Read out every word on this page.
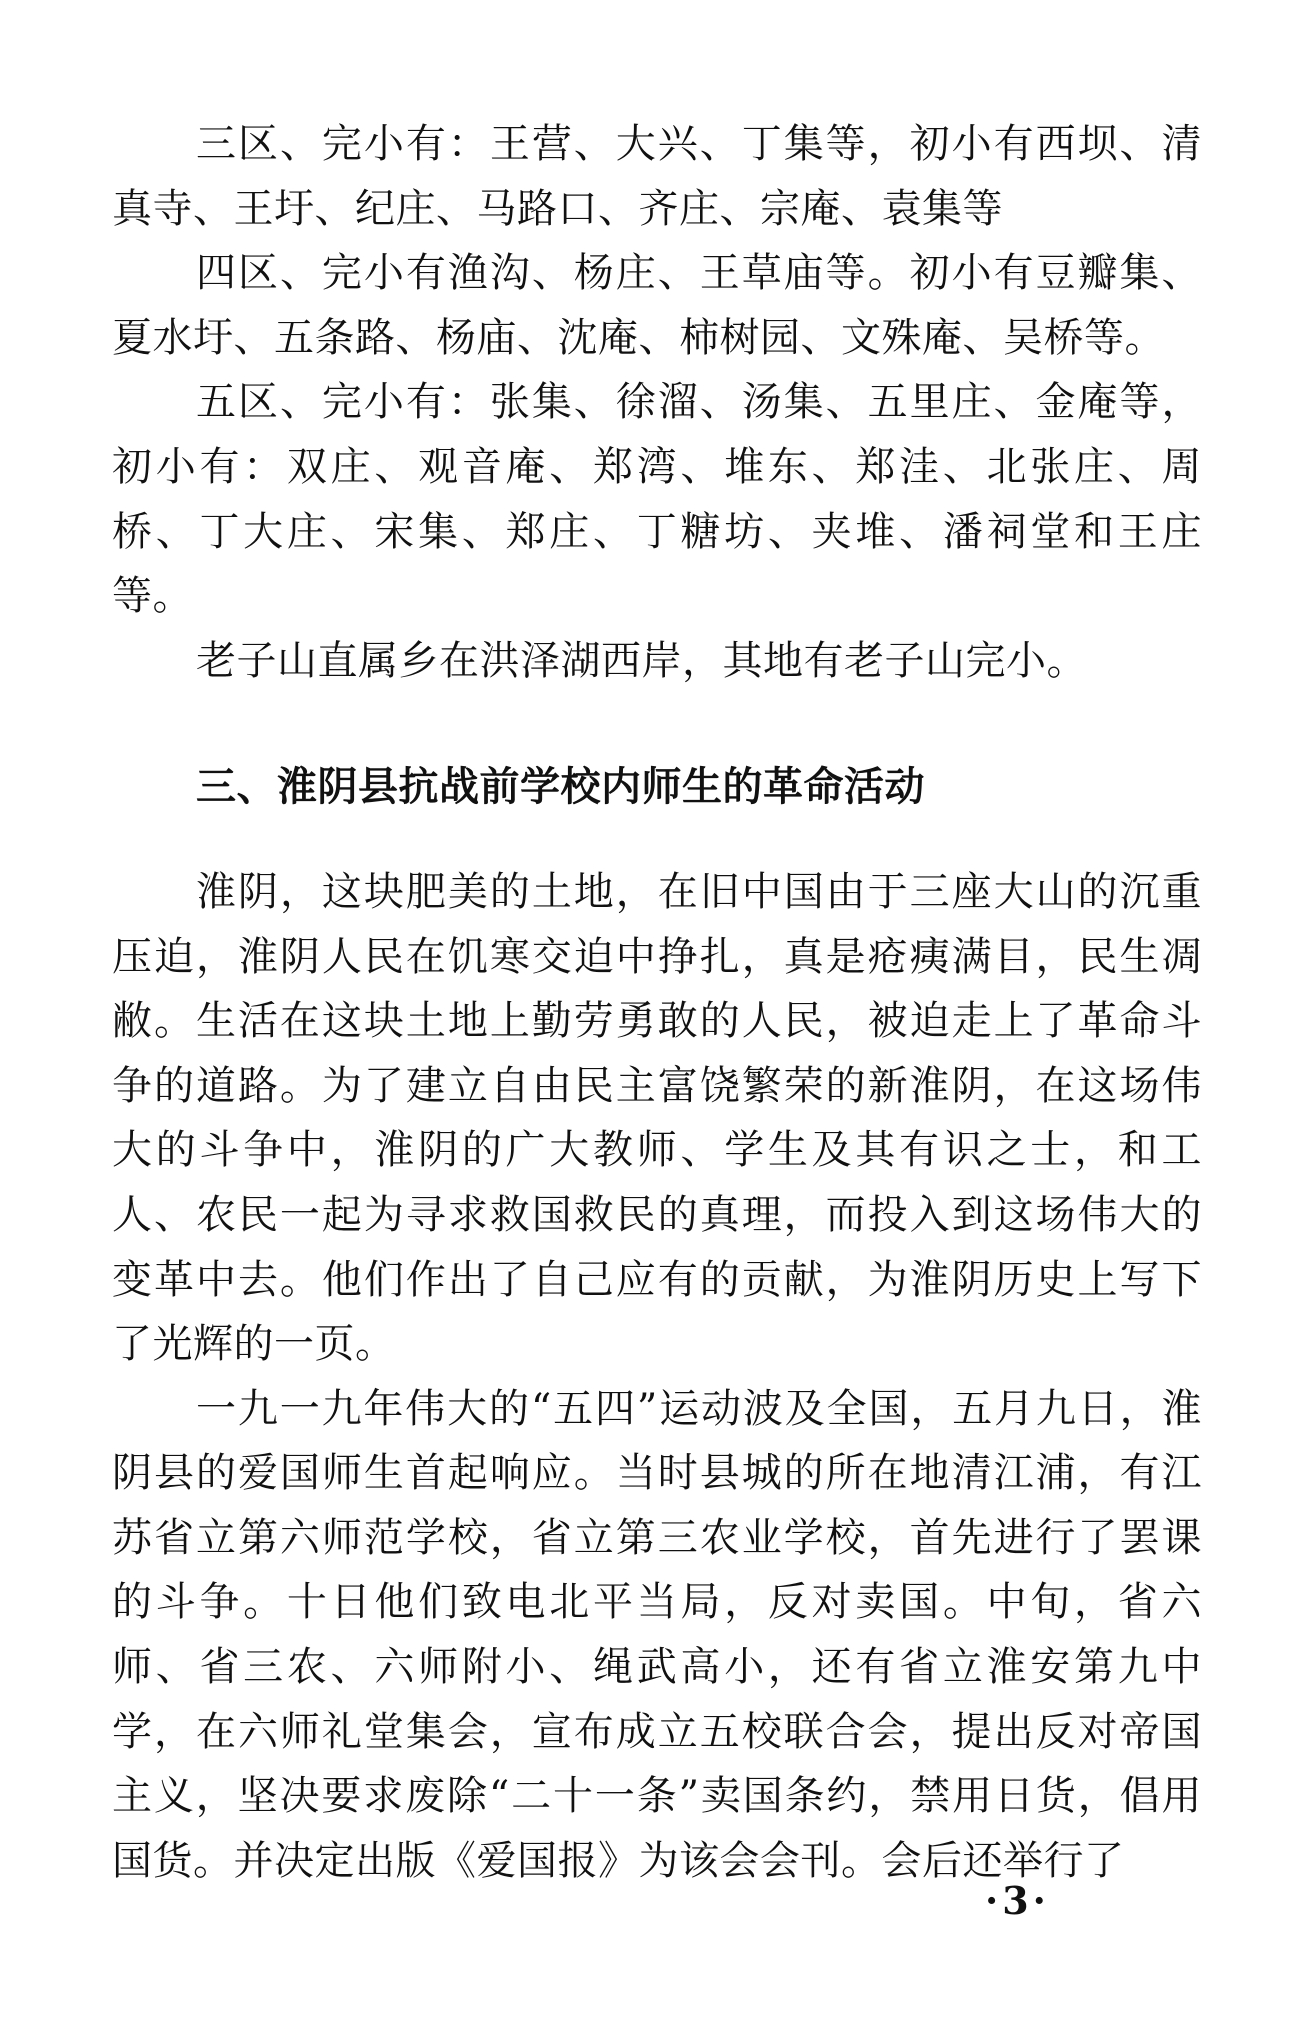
三区、完小有：王营、大兴、丁集等，初小有西坝、清真寺、王圩、纪庄、马路口、齐庄、宗庵、袁集等

四区、完小有渔沟、杨庄、王草庙等。初小有豆瓣集、夏水圩、五条路、杨庙、沈庵、柿树园、文殊庵、吴桥等。

五区、完小有：张集、徐溜、汤集、五里庄、金庵等，初小有：双庄、观音庵、郑湾、堆东、郑洼、北张庄、周桥、丁大庄、宋集、郑庄、丁糖坊、夹堆、潘祠堂和王庄等。

老子山直属乡在洪泽湖西岸，其地有老子山完小。

三、淮阴县抗战前学校内师生的革命活动

淮阴，这块肥美的土地，在旧中国由于三座大山的沉重压迫，淮阴人民在饥寒交迫中挣扎，真是疮痍满目，民生凋敝。生活在这块土地上勤劳勇敢的人民，被迫走上了革命斗争的道路。为了建立自由民主富饶繁荣的新淮阴，在这场伟大的斗争中，淮阴的广大教师、学生及其有识之士，和工人、农民一起为寻求救国救民的真理，而投入到这场伟大的变革中去。他们作出了自己应有的贡献，为淮阴历史上写下了光辉的一页。

一九一九年伟大的“五四”运动波及全国，五月九日，淮阴县的爱国师生首起响应。当时县城的所在地清江浦，有江苏省立第六师范学校，省立第三农业学校，首先进行了罢课的斗争。十日他们致电北平当局，反对卖国。中旬，省六师、省三农、六师附小、绳武高小，还有省立淮安第九中学，在六师礼堂集会，宣布成立五校联合会，提出反对帝国主义，坚决要求废除“二十一条”卖国条约，禁用日货，倡用国货。并决定出版《爱国报》为该会会刊。会后还举行了

·3·
